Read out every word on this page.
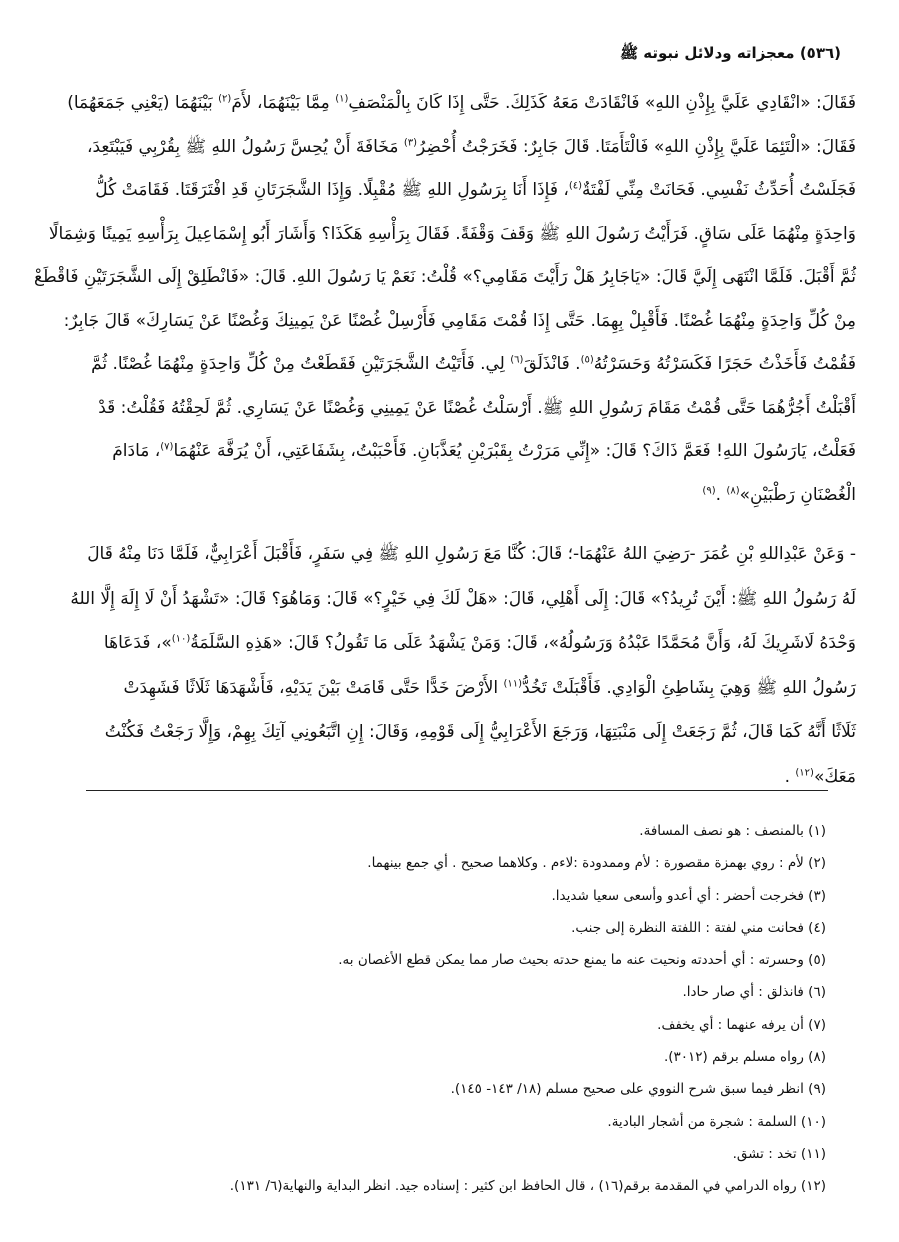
(٥٣٦) معجزاته ودلائل نبوته ﷺ
فَقَالَ: «انْقَادِي عَلَيَّ بِإِذْنِ اللهِ» فَانْقَادَتْ مَعَهُ كَذَلِكَ. حَتَّى إِذَا كَانَ بِالْمَنْصَفِ$^{(١)}$ مِمَّا بَيْنَهُمَا، لأَمَ$^{(٢)}$ بَيْنَهُمَا (يَعْنِي جَمَعَهُمَا)
فَقَالَ: «الْتَئِمَا عَلَيَّ بِإِذْنِ اللهِ» فَالْتَأَمَتَا. قَالَ جَابِرٌ: فَخَرَجْتُ أُحْضِرُ$^{(٣)}$ مَخَافَةَ أَنْ يُحِسَّ رَسُولُ اللهِ ﷺ بِقُرْبِي فَيَبْتَعِدَ،
فَجَلَسْتُ أُحَدِّثُ نَفْسِي. فَحَانَتْ مِنِّي لَفْتَةٌ$^{(٤)}$، فَإِذَا أَنَا بِرَسُولِ اللهِ ﷺ مُقْبِلًا. وَإِذَا الشَّجَرَتَانِ قَدِ افْتَرَقَتَا. فَقَامَتْ كُلُّ
وَاحِدَةٍ مِنْهُمَا عَلَى سَاقٍ. فَرَأَيْتُ رَسُولَ اللهِ ﷺ وَقَفَ وَقْفَةً. فَقَالَ بِرَأْسِهِ هَكَذَا؟ وَأَشَارَ أَبُو إِسْمَاعِيلَ بِرَأْسِهِ يَمِينًا وَشِمَالًا
ثُمَّ أَقْبَلَ. فَلَمَّا انْتَهَى إِلَيَّ قَالَ: «يَاجَابِرُ هَلْ رَأَيْتَ مَقَامِي؟» قُلْتُ: نَعَمْ يَا رَسُولَ اللهِ. قَالَ: «فَانْطَلِقْ إِلَى الشَّجَرَتَيْنِ فَاقْطَعْ
مِنْ كُلِّ وَاحِدَةٍ مِنْهُمَا غُصْنًا. فَأَقْبِلْ بِهِمَا. حَتَّى إِذَا قُمْتَ مَقَامِي فَأَرْسِلْ غُصْنًا عَنْ يَمِينِكَ وَغُصْنًا عَنْ يَسَارِكَ» قَالَ جَابِرٌ:
فَقُمْتُ فَأَخَذْتُ حَجَرًا فَكَسَرْتُهُ وَحَسَرْتُهُ$^{(٥)}$. فَانْذَلَقَ$^{(٦)}$ لِي. فَأَتَيْتُ الشَّجَرَتَيْنِ فَقَطَعْتُ مِنْ كُلِّ وَاحِدَةٍ مِنْهُمَا غُصْنًا. ثُمَّ
أَقْبَلْتُ أَجُرُّهُمَا حَتَّى قُمْتُ مَقَامَ رَسُولِ اللهِ ﷺ. أَرْسَلْتُ غُصْنًا عَنْ يَمِينِي وَغُصْنًا عَنْ يَسَارِي. ثُمَّ لَحِقْتُهُ فَقُلْتُ: قَدْ
فَعَلْتُ، يَارَسُولَ اللهِ! فَعَمَّ ذَاكَ؟ قَالَ: «إِنِّي مَرَرْتُ بِقَبْرَيْنِ يُعَذَّبَانِ. فَأَحْبَبْتُ، بِشَفَاعَتِي، أَنْ يُرَفَّهَ عَنْهُمَا$^{(٧)}$، مَادَامَ
الْغُصْنَانِ رَطْبَيْنِ»$^{(٨)}$ .$^{(٩)}$
- وَعَنْ عَبْدِاللهِ بْنِ عُمَرَ -رَضِيَ اللهُ عَنْهُمَا-؛ قَالَ: كُنَّا مَعَ رَسُولِ اللهِ ﷺ فِي سَفَرٍ، فَأَقْبَلَ أَعْرَابِيٌّ، فَلَمَّا دَنَا مِنْهُ قَالَ
لَهُ رَسُولُ اللهِ ﷺ: أَيْنَ تُرِيدُ؟» قَالَ: إِلَى أَهْلِي، قَالَ: «هَلْ لَكَ فِي خَيْرٍ؟» قَالَ: وَمَاهُوَ؟ قَالَ: «تَشْهَدُ أَنْ لَا إِلَهَ إِلَّا اللهُ
وَحْدَهُ لَاشَرِيكَ لَهُ، وَأَنَّ مُحَمَّدًا عَبْدُهُ وَرَسُولُهُ»، قَالَ: وَمَنْ يَشْهَدُ عَلَى مَا تَقُولُ؟ قَالَ: «هَذِهِ السَّلَمَةُ$^{(١٠)}$»، فَدَعَاهَا
رَسُولُ اللهِ ﷺ وَهِيَ بِشَاطِئِ الْوَادِي. فَأَقْبَلَتْ تَخُدُّ$^{(١١)}$ الأَرْضَ خَدًّا حَتَّى قَامَتْ بَيْنَ يَدَيْهِ، فَأَشْهَدَهَا ثَلَاثًا فَشَهِدَتْ
ثَلَاثًا أَنَّهُ كَمَا قَالَ، ثُمَّ رَجَعَتْ إِلَى مَنْبَتِهَا، وَرَجَعَ الأَعْرَابِيُّ إِلَى قَوْمِهِ، وَقَالَ: إِنِ اتَّبَعُونِي آتِكَ بِهِمْ، وَإِلَّا رَجَعْتُ فَكُنْتُ
مَعَكَ»$^{(١٢)}$ .
(١) بالمنصف : هو نصف المسافة.
(٢) لأم : روي بهمزة مقصورة : لأم وممدودة :لاءم . وكلاهما صحيح . أي جمع بينهما.
(٣) فخرجت أحضر : أي أعدو وأسعى سعيا شديدا.
(٤) فحانت مني لفتة : اللفتة النظرة إلى جنب.
(٥) وحسرته : أي أحددته ونحيت عنه ما يمنع حدته بحيث صار مما يمكن قطع الأغصان به.
(٦) فانذلق : أي صار حادا.
(٧) أن يرفه عنهما : أي يخفف.
(٨) رواه مسلم برقم (٣٠١٢).
(٩) انظر فيما سبق شرح النووي على صحيح مسلم (١٨/ ١٤٣- ١٤٥).
(١٠) السلمة : شجرة من أشجار البادية.
(١١) تخد : تشق.
(١٢) رواه الدرامي في المقدمة برقم(١٦) ، قال الحافظ ابن كثير : إسناده جيد. انظر البداية والنهاية(٦/ ١٣١).
